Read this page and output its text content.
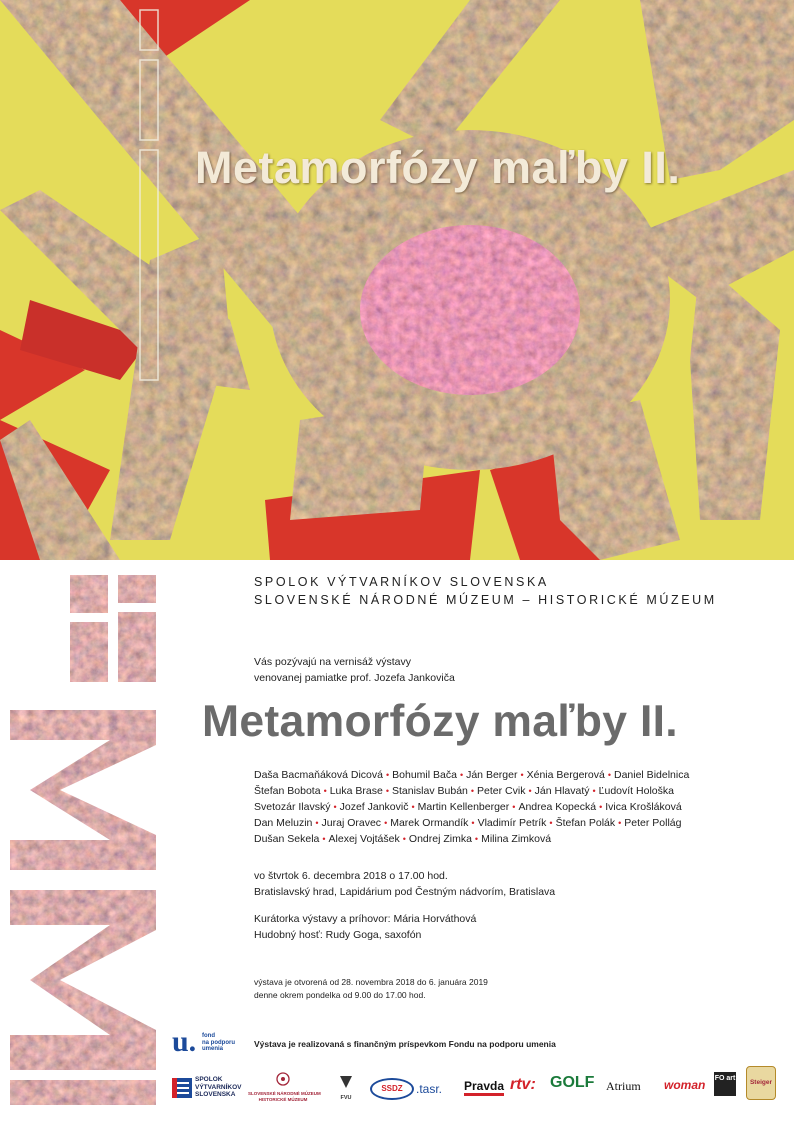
Metamorfózy maľby II.
SPOLOK VÝTVARNÍKOV SLOVENSKA
SLOVENSKÉ NÁRODNÉ MÚZEUM – HISTORICKÉ MÚZEUM
Vás pozývajú na vernisáž výstavy
venovanej pamiatke prof. Jozefa Jankoviča
Metamorfózy maľby II.
Daša Bacmaňáková Dicová • Bohumil Bača • Ján Berger • Xénia Bergerová • Daniel Bidelnica
Štefan Bobota • Luka Brase • Stanislav Bubán • Peter Cvik • Ján Hlavatý • Ľudovít Hološka
Svetozár Ilavský • Jozef Jankovič • Martin Kellenberger • Andrea Kopecká • Ivica Krošláková
Dan Meluzin • Juraj Oravec • Marek Ormandík • Vladimír Petrík • Štefan Polák • Peter Pollág
Dušan Sekela • Alexej Vojtášek • Ondrej Zimka • Milina Zimková
vo štvrtok 6. decembra 2018 o 17.00 hod.
Bratislavský hrad, Lapidárium pod Čestným nádvorím, Bratislava
Kurátorka výstavy a príhovor: Mária Horváthová
Hudobný hosť: Rudy Goga, saxofón
výstava je otvorená od 28. novembra 2018 do 6. januára 2019
denne okrem pondelka od 9.00 do 17.00 hod.
u. fond
na podporu
umenia	Výstava je realizovaná s finančným príspevkom Fondu na podporu umenia
SPOLOK
VÝTVARNÍKOV
SLOVENSKA	SLOVENSKÉ NÁRODNÉ MÚZEUM
HISTORICKÉ MÚZEUM	FVU
SSDZ	.tasr. Pravda rtv: GOLF Atrium woman FO art
Steiger
